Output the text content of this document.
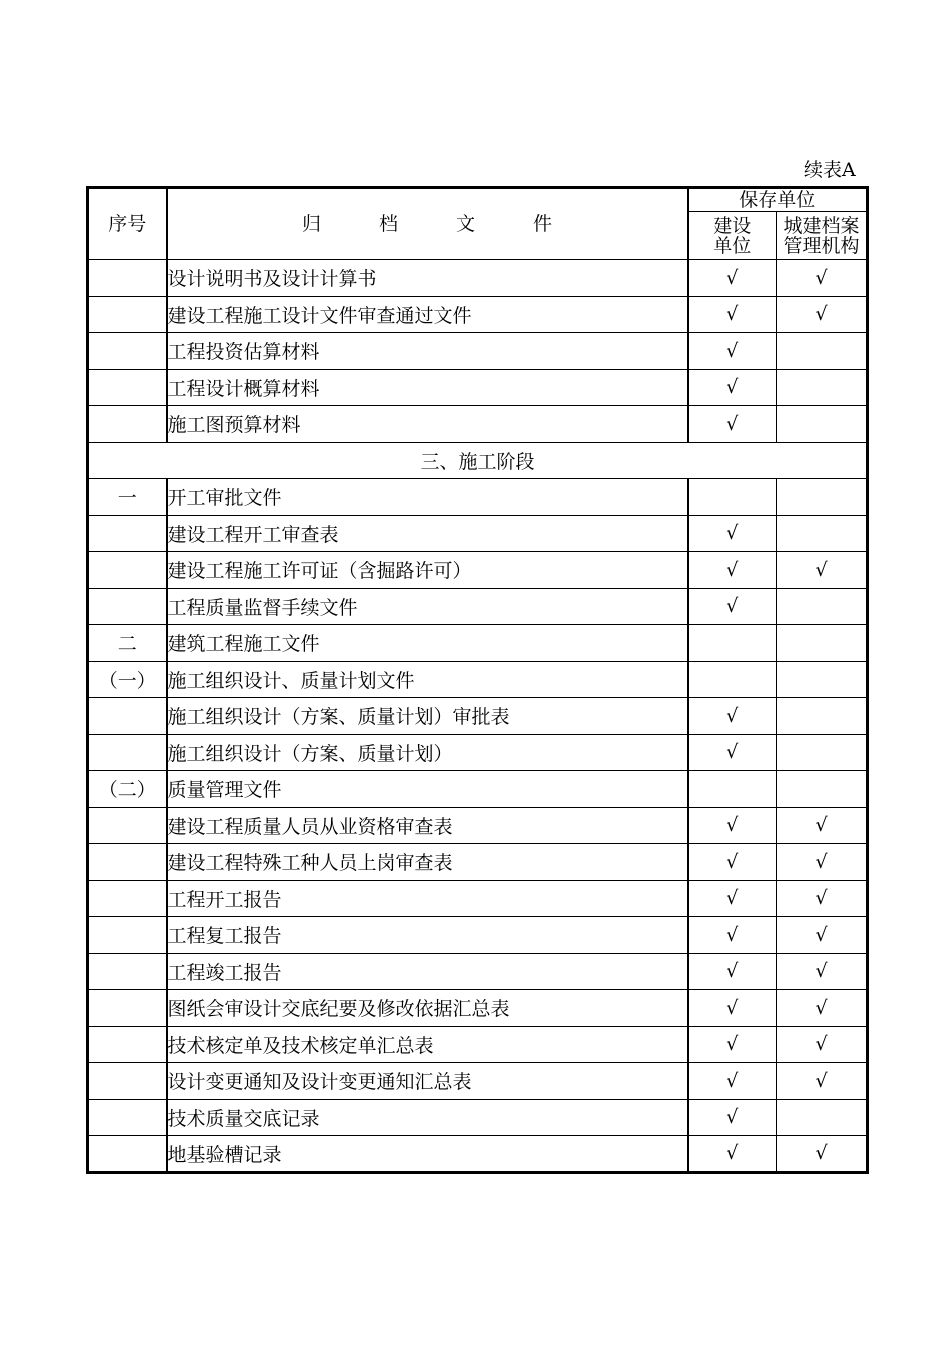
续表A
序号	归 档 文 件	保存单位	
		建设单位	城建档案管理机构
	设计说明书及设计计算书	√	√
	建设工程施工设计文件审查通过文件	√	√
	工程投资估算材料	√	
	工程设计概算材料	√	
	施工图预算材料	√	
三、施工阶段			
一	开工审批文件		
	建设工程开工审查表	√	
	建设工程施工许可证（含掘路许可）	√	√
	工程质量监督手续文件	√	
二	建筑工程施工文件		
（一）	施工组织设计、质量计划文件		
	施工组织设计（方案、质量计划）审批表	√	
	施工组织设计（方案、质量计划）	√	
（二）	质量管理文件		
	建设工程质量人员从业资格审查表	√	√
	建设工程特殊工种人员上岗审查表	√	√
	工程开工报告	√	√
	工程复工报告	√	√
	工程竣工报告	√	√
	图纸会审设计交底纪要及修改依据汇总表	√	√
	技术核定单及技术核定单汇总表	√	√
	设计变更通知及设计变更通知汇总表	√	√
	技术质量交底记录	√	
	地基验槽记录	√	√
